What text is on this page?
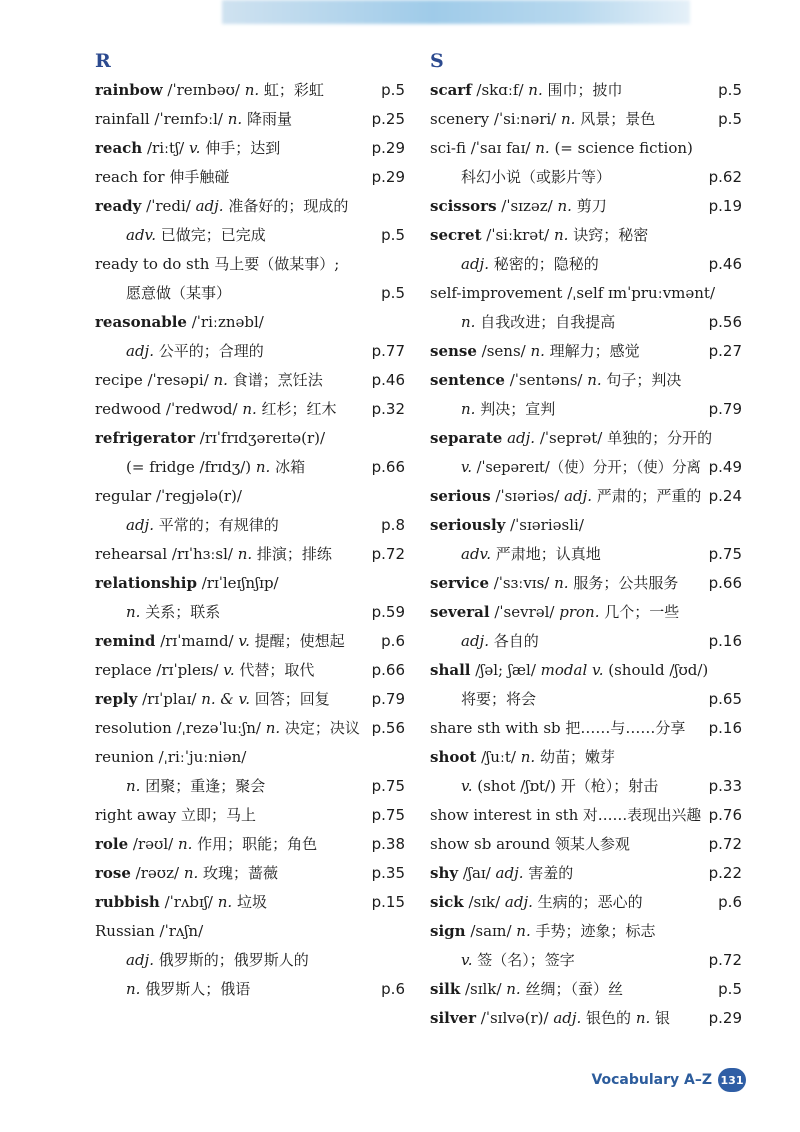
R
rainbow /ˈreɪnbəʊ/ n. 虹；彩虹	p.5
rainfall /ˈreɪnfɔːl/ n. 降雨量	p.25
reach /riːtʃ/ v. 伸手；达到	p.29
reach for 伸手触碰	p.29
ready /ˈredi/ adj. 准备好的；现成的
adv. 已做完；已完成	p.5
ready to do sth 马上要（做某事）;
愿意做（某事）	p.5
reasonable /ˈriːznəbl/
adj. 公平的；合理的	p.77
recipe /ˈresəpi/ n. 食谱；烹饪法	p.46
redwood /ˈredwʊd/ n. 红杉；红木 p.32
refrigerator /rɪˈfrɪdʒəreɪtə(r)/
(= fridge /frɪdʒ/) n. 冰箱	p.66
regular /ˈregjələ(r)/
adj. 平常的；有规律的	p.8
rehearsal /rɪˈhɜːsl/ n. 排演；排练	p.72
relationship /rɪˈleɪʃnʃɪp/
n. 关系；联系	p.59
remind /rɪˈmaɪnd/ v. 提醒；使想起 p.6
replace /rɪˈpleɪs/ v. 代替；取代	p.66
reply /rɪˈplaɪ/ n. & v. 回答；回复	p.79
resolution /ˌrezəˈluːʃn/ n. 决定；决议 p.56
reunion /ˌriːˈjuːniən/
n. 团聚；重逢；聚会	p.75
right away 立即；马上	p.75
role /rəʊl/ n. 作用；职能；角色	p.38
rose /rəʊz/ n. 玫瑰；蔷薇	p.35
rubbish /ˈrʌbɪʃ/ n. 垃圾	p.15
Russian /ˈrʌʃn/
adj. 俄罗斯的；俄罗斯人的
n. 俄罗斯人；俄语	p.6
S
scarf /skɑːf/ n. 围巾；披巾	p.5
scenery /ˈsiːnəri/ n. 风景；景色	p.5
sci-fi /ˈsaɪ faɪ/ n. (= science fiction)
科幻小说（或影片等）	p.62
scissors /ˈsɪzəz/ n. 剪刀	p.19
secret /ˈsiːkrət/ n. 诀窍；秘密
adj. 秘密的；隐秘的	p.46
self-improvement /ˌself ɪmˈpruːvmənt/
n. 自我改进；自我提高	p.56
sense /sens/ n. 理解力；感觉	p.27
sentence /ˈsentəns/ n. 句子；判决
n. 判决；宣判	p.79
separate adj. /ˈseprət/ 单独的；分开的
v. /ˈsepəreɪt/（使）分开；（使）分离 p.49
serious /ˈsɪəriəs/ adj. 严肃的；严重的 p.24
seriously /ˈsɪəriəsli/
adv. 严肃地；认真地	p.75
service /ˈsɜːvɪs/ n. 服务；公共服务 p.66
several /ˈsevrəl/ pron. 几个；一些
adj. 各自的	p.16
shall /ʃəl; ʃæl/ modal v. (should /ʃʊd/)
将要；将会	p.65
share sth with sb 把……与……分享 p.16
shoot /ʃuːt/ n. 幼苗；嫩芽
v. (shot /ʃɒt/) 开（枪）；射击	p.33
show interest in sth 对……表现出兴趣 p.76
show sb around 领某人参观	p.72
shy /ʃaɪ/ adj. 害羞的	p.22
sick /sɪk/ adj. 生病的；恶心的	p.6
sign /saɪn/ n. 手势；迹象；标志
v. 签（名）；签字	p.72
silk /sɪlk/ n. 丝绸；（蚕）丝	p.5
silver /ˈsɪlvə(r)/ adj. 银色的 n. 银	p.29
Vocabulary A–Z 131
